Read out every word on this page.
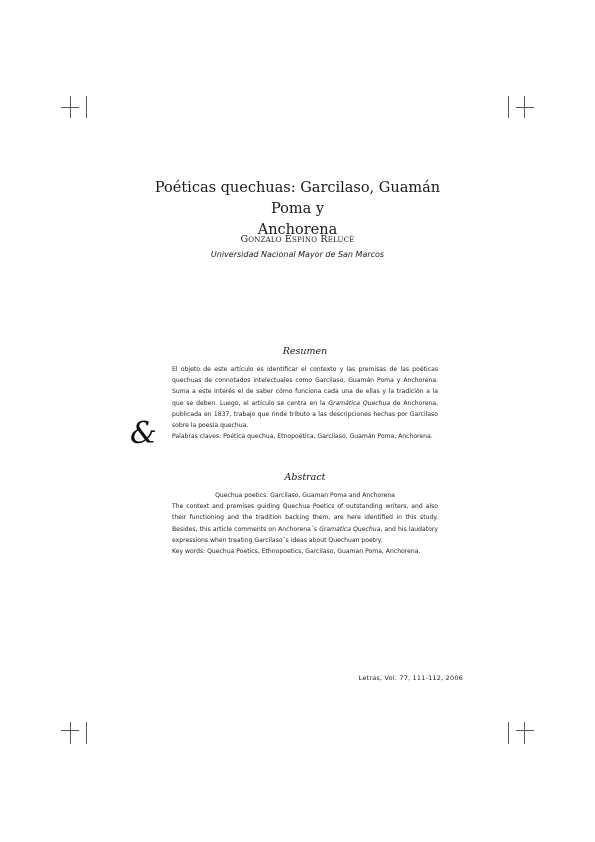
Poéticas quechuas: Garcilaso, Guamán Poma y
Anchorena
Gonzalo Espino Relucé
Universidad Nacional Mayor de San Marcos
Resumen

El objeto de este artículo es identificar el contexto y las premisas de las poéticas quechuas de connotados intelectuales como Garcilaso, Guamán Poma y Anchorena. Suma a este interés el de saber cómo funciona cada una de ellas y la tradición a la que se deben. Luego, el artículo se centra en la Gramática Quechua de Anchorena, publicada en 1837, trabajo que rinde tributo a las descripciones hechas por Garcilaso sobre la poesía quechua.

Palabras claves: Poética quechua, Etnopoética, Garcilaso, Guamán Poma, Anchorena.

&
Abstract

Quechua poetics: Garcilaso, Guaman Poma and Anchorena

The context and premises guiding Quechua Poetics of outstanding writers, and also their functioning and the tradition backing them, are here identified in this study. Besides, this article comments on Anchorena´s Gramatica Quechua, and his laudatory expressions when treating Garcilaso´s ideas about Quechuan poetry.

Key words: Quechua Poetics, Ethnopoetics, Garcilaso, Guaman Poma, Anchorena.

Letras, Vol. 77, 111-112, 2006
